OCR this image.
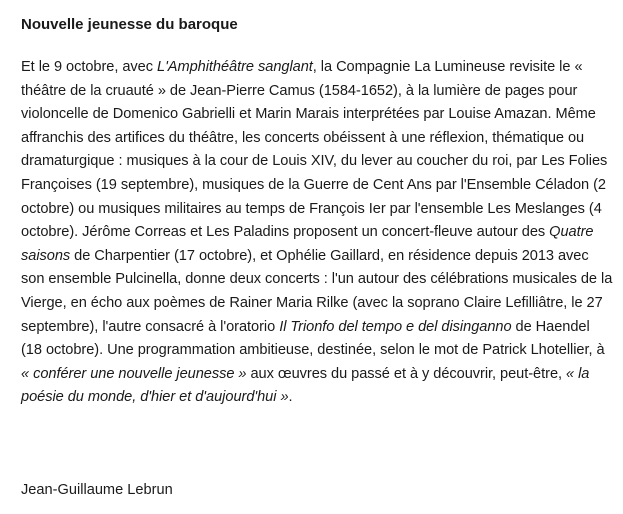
Nouvelle jeunesse du baroque

Et le 9 octobre, avec L'Amphithéâtre sanglant, la Compagnie La Lumineuse revisite le « théâtre de la cruauté » de Jean-Pierre Camus (1584-1652), à la lumière de pages pour violoncelle de Domenico Gabrielli et Marin Marais interprétées par Louise Amazan. Même affranchis des artifices du théâtre, les concerts obéissent à une réflexion, thématique ou dramaturgique : musiques à la cour de Louis XIV, du lever au coucher du roi, par Les Folies Françoises (19 septembre), musiques de la Guerre de Cent Ans par l'Ensemble Céladon (2 octobre) ou musiques militaires au temps de François Ier par l'ensemble Les Meslanges (4 octobre). Jérôme Correas et Les Paladins proposent un concert-fleuve autour des Quatre saisons de Charpentier (17 octobre), et Ophélie Gaillard, en résidence depuis 2013 avec son ensemble Pulcinella, donne deux concerts : l'un autour des célébrations musicales de la Vierge, en écho aux poèmes de Rainer Maria Rilke (avec la soprano Claire Lefilliâtre, le 27 septembre), l'autre consacré à l'oratorio Il Trionfo del tempo e del disinganno de Haendel (18 octobre). Une programmation ambitieuse, destinée, selon le mot de Patrick Lhotellier, à « conférer une nouvelle jeunesse » aux œuvres du passé et à y découvrir, peut-être, « la poésie du monde, d'hier et d'aujourd'hui ».

Jean-Guillaume Lebrun
